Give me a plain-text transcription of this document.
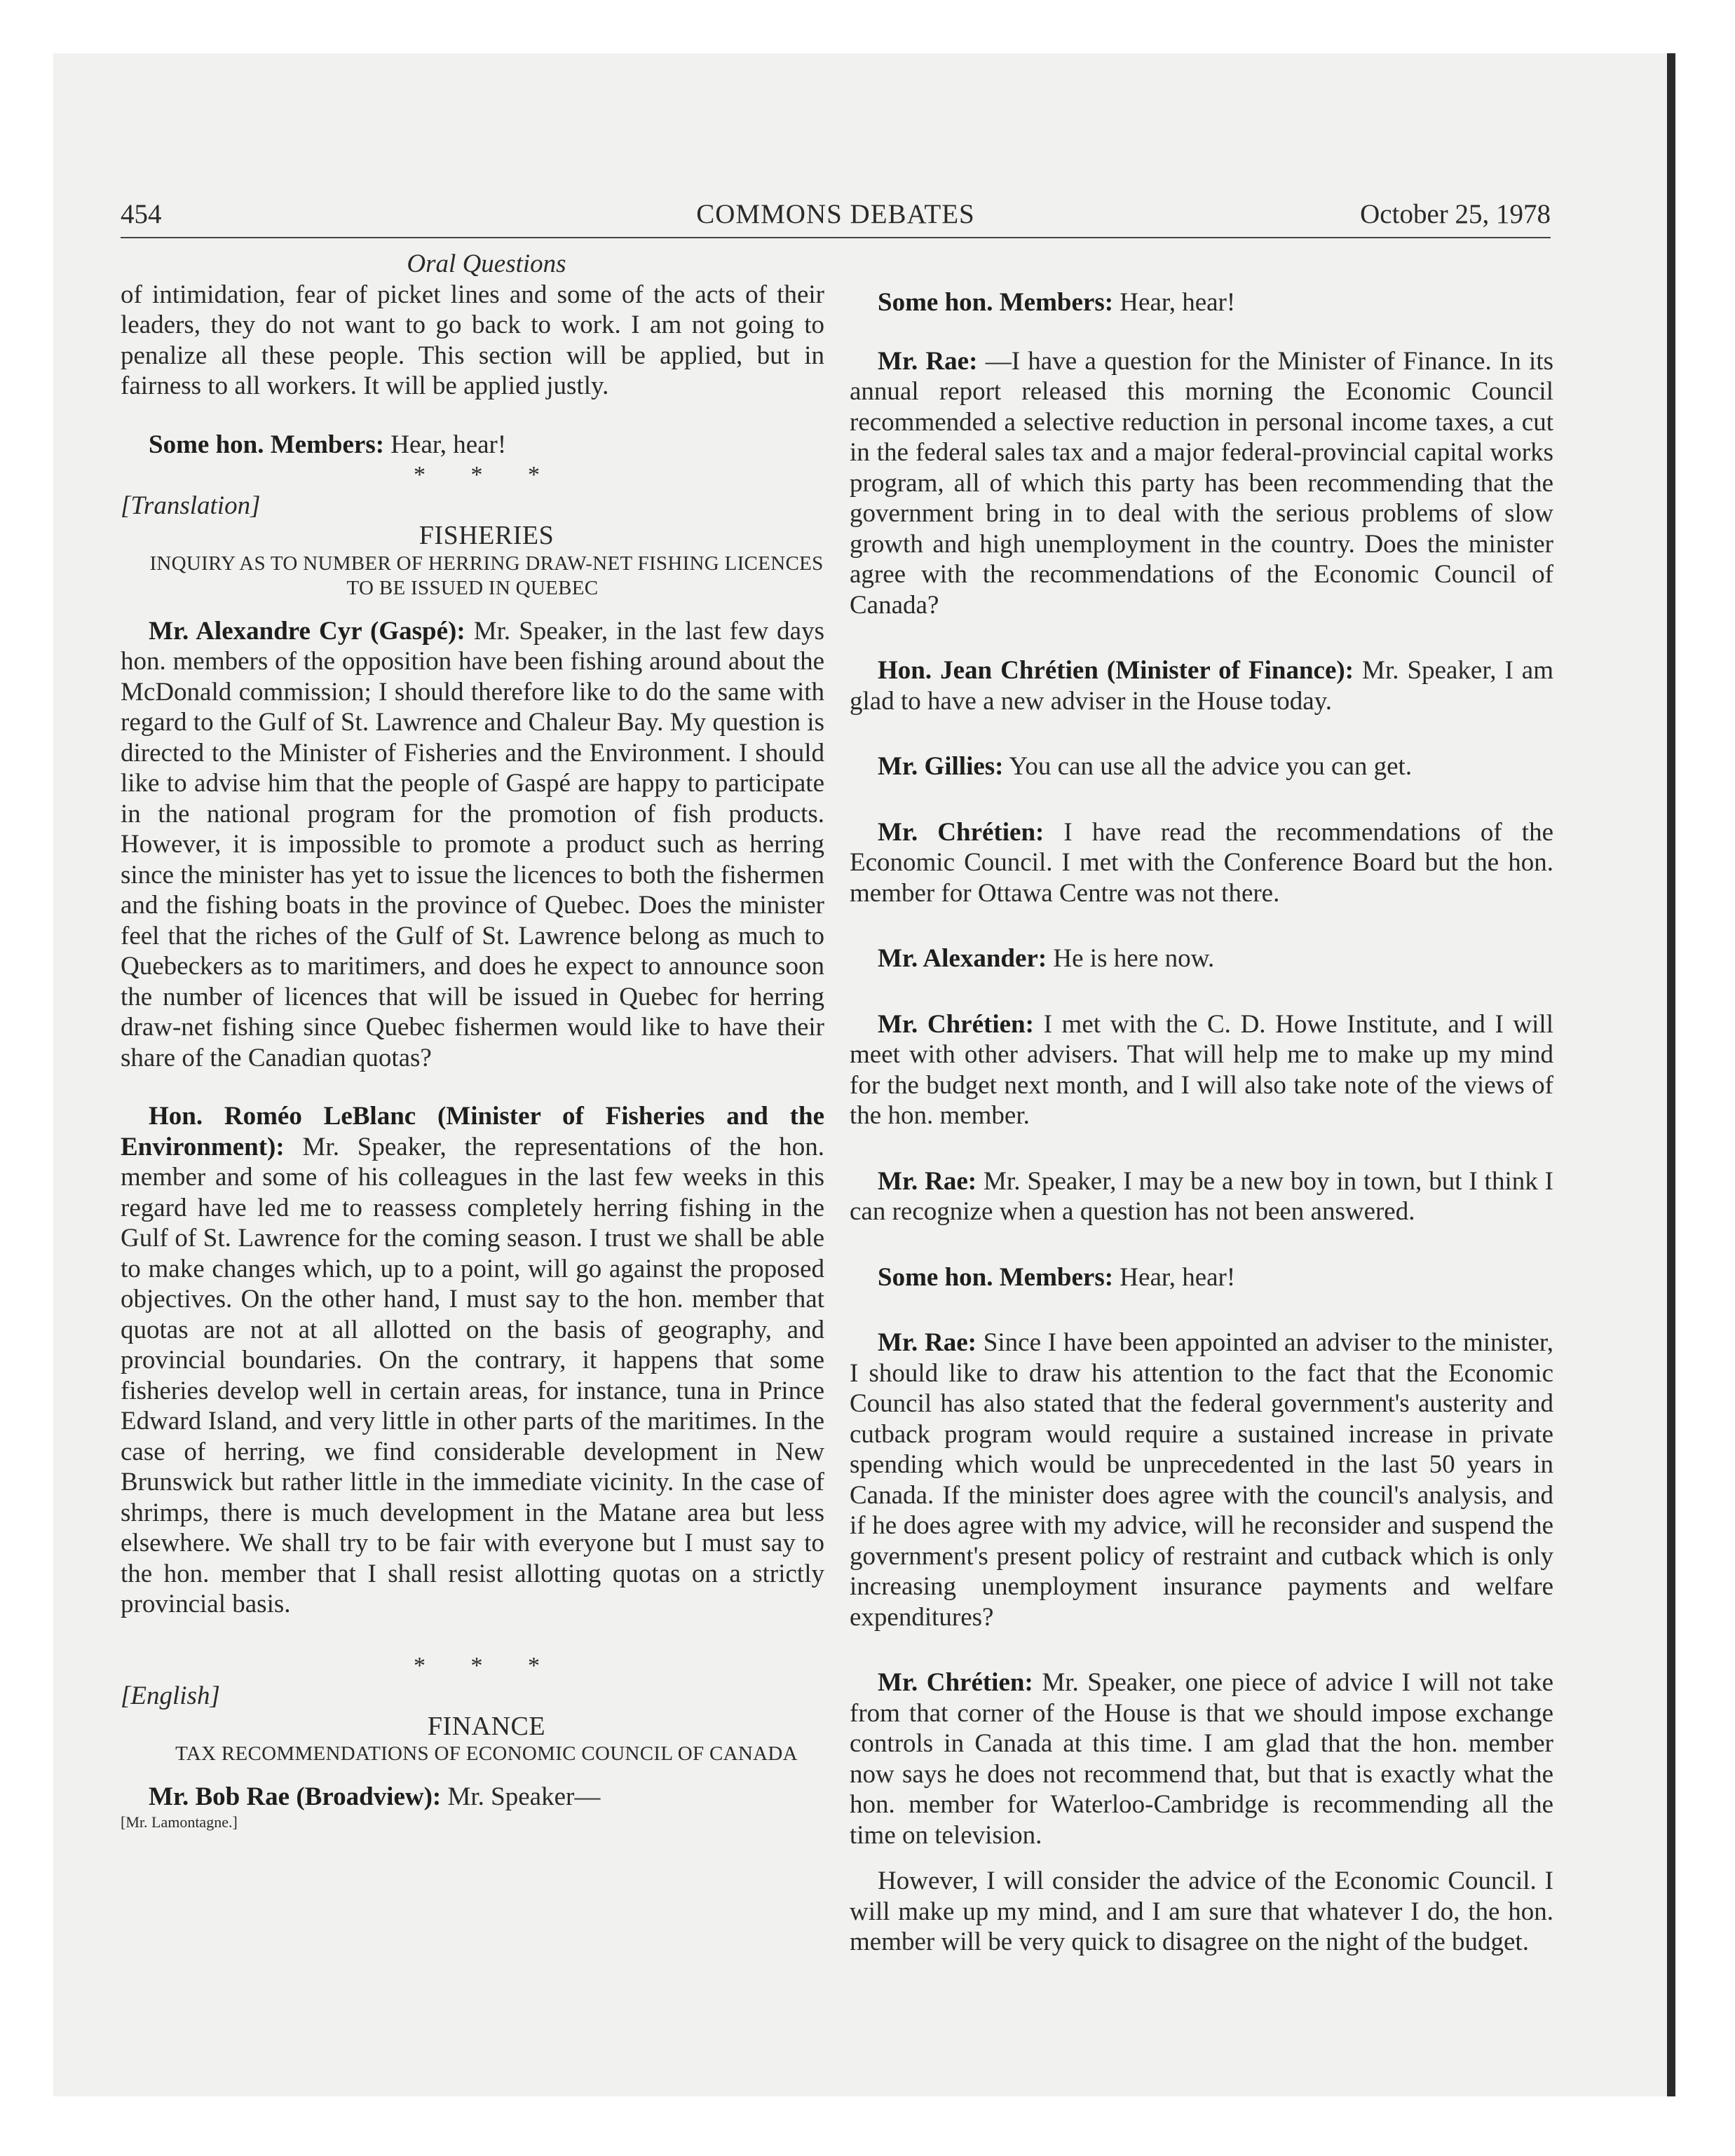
454	COMMONS DEBATES	October 25, 1978

Oral Questions

of intimidation, fear of picket lines and some of the acts of their leaders, they do not want to go back to work. I am not going to penalize all these people. This section will be applied, but in fairness to all workers. It will be applied justly.

Some hon. Members: Hear, hear!

* * *

[Translation]

FISHERIES

INQUIRY AS TO NUMBER OF HERRING DRAW-NET FISHING LICENCES TO BE ISSUED IN QUEBEC

Mr. Alexandre Cyr (Gaspé): Mr. Speaker, in the last few days hon. members of the opposition have been fishing around about the McDonald commission; I should therefore like to do the same with regard to the Gulf of St. Lawrence and Chaleur Bay. My question is directed to the Minister of Fisheries and the Environment. I should like to advise him that the people of Gaspé are happy to participate in the national program for the promotion of fish products. However, it is impossible to promote a product such as herring since the minister has yet to issue the licences to both the fishermen and the fishing boats in the province of Quebec. Does the minister feel that the riches of the Gulf of St. Lawrence belong as much to Quebeckers as to maritimers, and does he expect to announce soon the number of licences that will be issued in Quebec for herring draw-net fishing since Quebec fishermen would like to have their share of the Canadian quotas?

Hon. Roméo LeBlanc (Minister of Fisheries and the Environment): Mr. Speaker, the representations of the hon. member and some of his colleagues in the last few weeks in this regard have led me to reassess completely herring fishing in the Gulf of St. Lawrence for the coming season. I trust we shall be able to make changes which, up to a point, will go against the proposed objectives. On the other hand, I must say to the hon. member that quotas are not at all allotted on the basis of geography, and provincial boundaries. On the contrary, it happens that some fisheries develop well in certain areas, for instance, tuna in Prince Edward Island, and very little in other parts of the maritimes. In the case of herring, we find considerable development in New Brunswick but rather little in the immediate vicinity. In the case of shrimps, there is much development in the Matane area but less elsewhere. We shall try to be fair with everyone but I must say to the hon. member that I shall resist allotting quotas on a strictly provincial basis.

* * *

[English]

FINANCE

TAX RECOMMENDATIONS OF ECONOMIC COUNCIL OF CANADA

Mr. Bob Rae (Broadview): Mr. Speaker—

[Mr. Lamontagne.]

Some hon. Members: Hear, hear!

Mr. Rae: —I have a question for the Minister of Finance. In its annual report released this morning the Economic Council recommended a selective reduction in personal income taxes, a cut in the federal sales tax and a major federal-provincial capital works program, all of which this party has been recommending that the government bring in to deal with the serious problems of slow growth and high unemployment in the country. Does the minister agree with the recommendations of the Economic Council of Canada?

Hon. Jean Chrétien (Minister of Finance): Mr. Speaker, I am glad to have a new adviser in the House today.

Mr. Gillies: You can use all the advice you can get.

Mr. Chrétien: I have read the recommendations of the Economic Council. I met with the Conference Board but the hon. member for Ottawa Centre was not there.

Mr. Alexander: He is here now.

Mr. Chrétien: I met with the C. D. Howe Institute, and I will meet with other advisers. That will help me to make up my mind for the budget next month, and I will also take note of the views of the hon. member.

Mr. Rae: Mr. Speaker, I may be a new boy in town, but I think I can recognize when a question has not been answered.

Some hon. Members: Hear, hear!

Mr. Rae: Since I have been appointed an adviser to the minister, I should like to draw his attention to the fact that the Economic Council has also stated that the federal government's austerity and cutback program would require a sustained increase in private spending which would be unprecedented in the last 50 years in Canada. If the minister does agree with the council's analysis, and if he does agree with my advice, will he reconsider and suspend the government's present policy of restraint and cutback which is only increasing unemployment insurance payments and welfare expenditures?

Mr. Chrétien: Mr. Speaker, one piece of advice I will not take from that corner of the House is that we should impose exchange controls in Canada at this time. I am glad that the hon. member now says he does not recommend that, but that is exactly what the hon. member for Waterloo-Cambridge is recommending all the time on television.

However, I will consider the advice of the Economic Council. I will make up my mind, and I am sure that whatever I do, the hon. member will be very quick to disagree on the night of the budget.
